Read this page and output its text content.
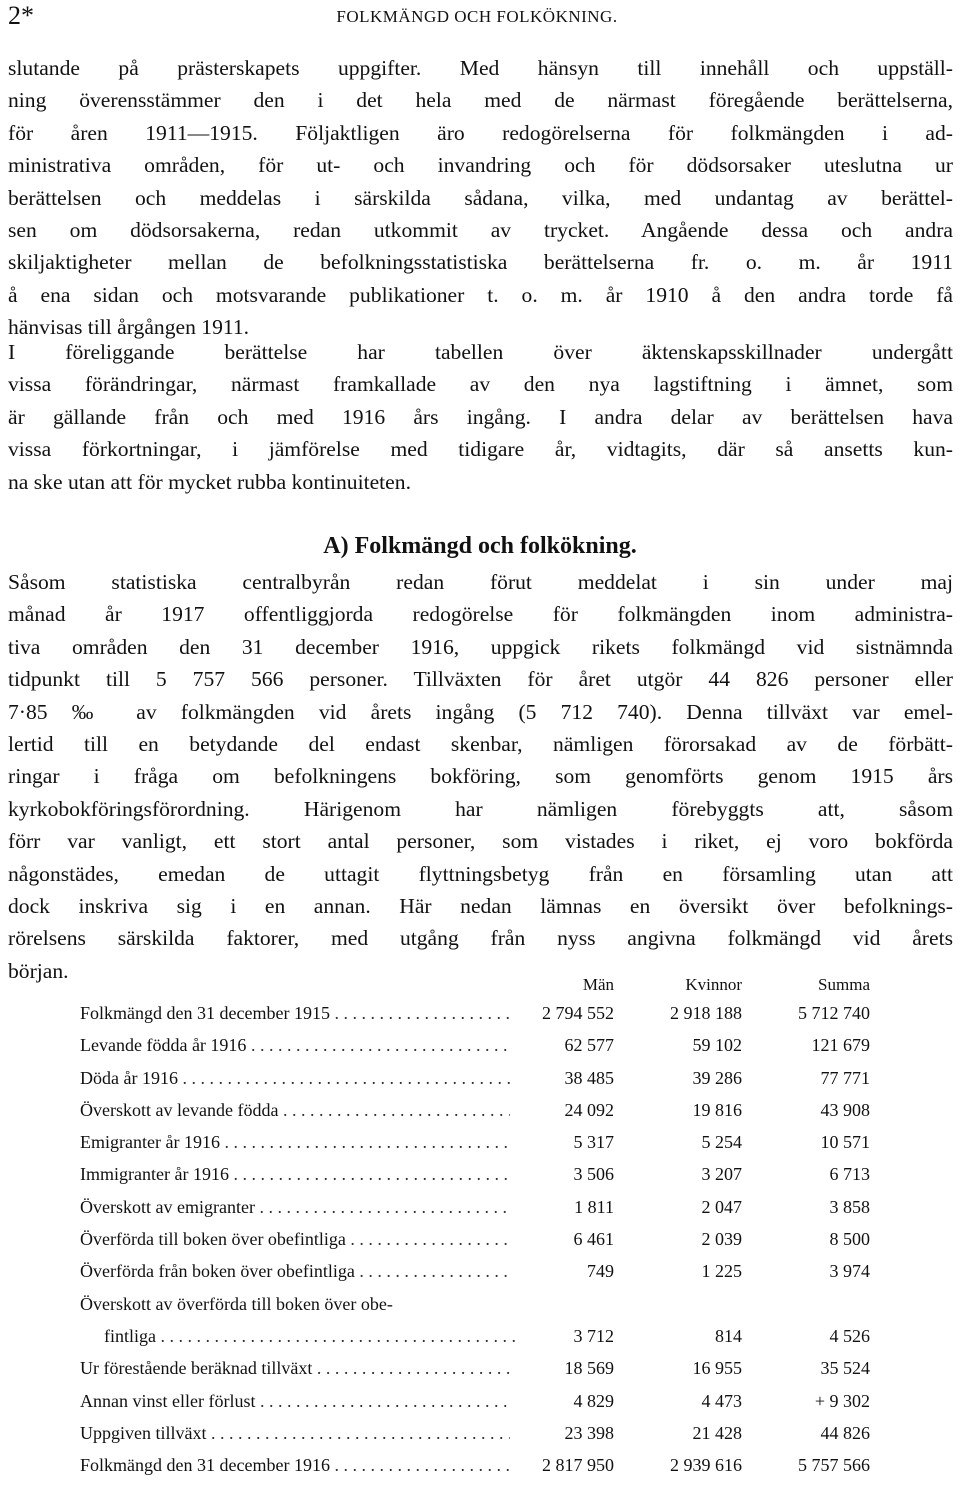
2*	FOLKMÄNGD OCH FOLKÖKNING.
slutande på prästerskapets uppgifter. Med hänsyn till innehåll och uppställ-
ning överensstämmer den i det hela med de närmast föregående berättelserna,
för åren 1911—1915. Följaktligen äro redogörelserna för folkmängden i ad-
ministrativa områden, för ut- och invandring och för dödsorsaker uteslutna ur
berättelsen och meddelas i särskilda sådana, vilka, med undantag av berättel-
sen om dödsorsakerna, redan utkommit av trycket. Angående dessa och andra
skiljaktigheter mellan de befolkningsstatistiska berättelserna fr. o. m. år 1911
å ena sidan och motsvarande publikationer t. o. m. år 1910 å den andra torde få
hänvisas till årgången 1911.
I föreliggande berättelse har tabellen över äktenskapsskillnader undergått
vissa förändringar, närmast framkallade av den nya lagstiftning i ämnet, som
är gällande från och med 1916 års ingång. I andra delar av berättelsen hava
vissa förkortningar, i jämförelse med tidigare år, vidtagits, där så ansetts kun-
na ske utan att för mycket rubba kontinuiteten.
A) Folkmängd och folkökning.
Såsom statistiska centralbyrån redan förut meddelat i sin under maj
månad år 1917 offentliggjorda redogörelse för folkmängden inom administra-
tiva områden den 31 december 1916, uppgick rikets folkmängd vid sistnämnda
tidpunkt till 5 757 566 personer. Tillväxten för året utgör 44 826 personer eller
7·85 ‰ av folkmängden vid årets ingång (5 712 740). Denna tillväxt var emel-
lertid till en betydande del endast skenbar, nämligen förorsakad av de förbätt-
ringar i fråga om befolkningens bokföring, som genomförts genom 1915 års
kyrkobokföringsförordning. Härigenom har nämligen förebyggts att, såsom
förr var vanligt, ett stort antal personer, som vistades i riket, ej voro bokförda
någonstädes, emedan de uttagit flyttningsbetyg från en församling utan att
dock inskriva sig i en annan. Här nedan lämnas en översikt över befolknings-
rörelsens särskilda faktorer, med utgång från nyss angivna folkmängd vid årets
början.
Män	Kvinnor	Summa
Folkmängd den 31 december 1915 . . .	2 794 552	2 918 188	5 712 740
Levande födda år 1916 . . .	62 577	59 102	121 679
Döda år 1916 . . .	38 485	39 286	77 771
Överskott av levande födda . . .	24 092	19 816	43 908
Emigranter år 1916 . . .	5 317	5 254	10 571
Immigranter år 1916 . . .	3 506	3 207	6 713
Överskott av emigranter . . .	1 811	2 047	3 858
Överförda till boken över obefintliga . . .	6 461	2 039	8 500
Överförda från boken över obefintliga . . .	749	1 225	3 974
Överskott av överförda till boken över obe-
fintliga . . .	3 712	814	4 526
Ur förestående beräknad tillväxt . . .	18 569	16 955	35 524
Annan vinst eller förlust . . .	4 829	4 473	+ 9 302
Uppgiven tillväxt . . .	23 398	21 428	44 826
Folkmängd den 31 december 1916 . . .	2 817 950	2 939 616	5 757 566
